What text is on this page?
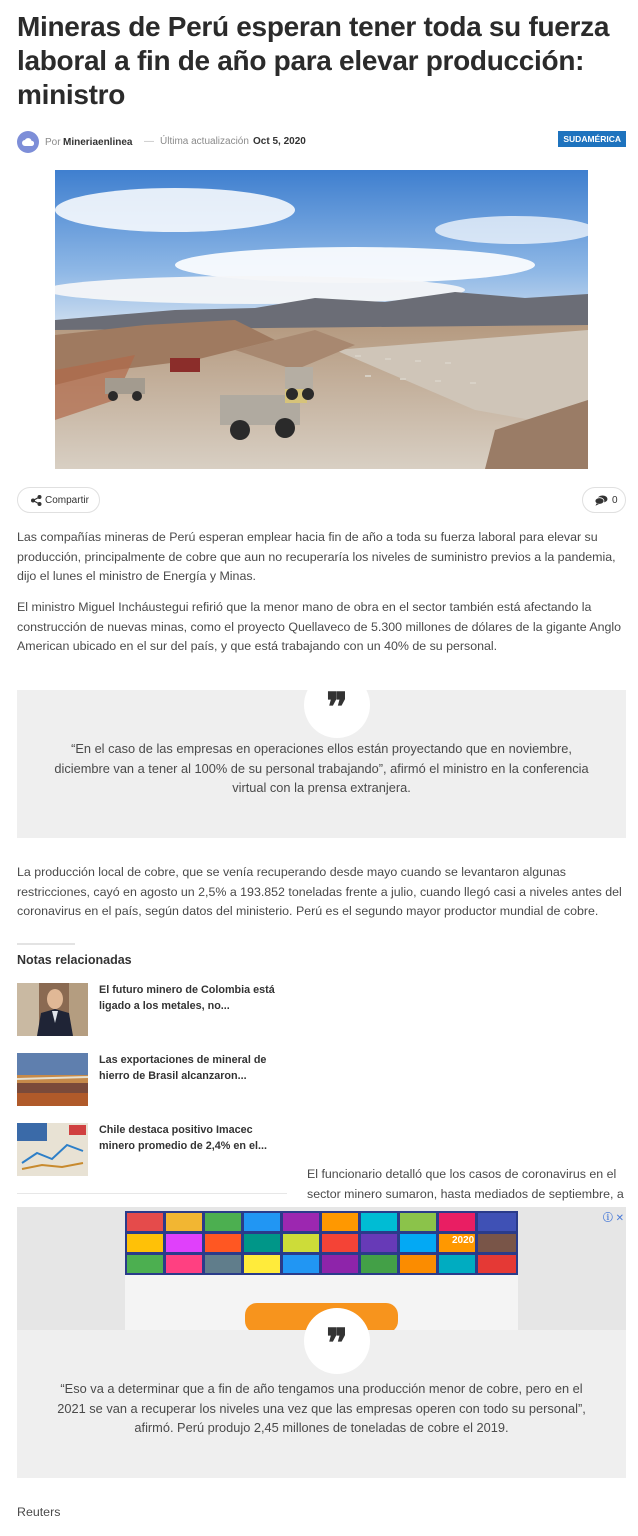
Mineras de Perú esperan tener toda su fuerza laboral a fin de año para elevar producción: ministro
Por Mineriaenlinea — Última actualización Oct 5, 2020	SUDAMÉRICA
Compartir	0

Las compañías mineras de Perú esperan emplear hacia fin de año a toda su fuerza laboral para elevar su producción, principalmente de cobre que aun no recuperaría los niveles de suministro previos a la pandemia, dijo el lunes el ministro de Energía y Minas.

El ministro Miguel Incháustegui refirió que la menor mano de obra en el sector también está afectando la construcción de nuevas minas, como el proyecto Quellaveco de 5.300 millones de dólares de la gigante Anglo American ubicado en el sur del país, y que está trabajando con un 40% de su personal.

❞

“En el caso de las empresas en operaciones ellos están proyectando que en noviembre, diciembre van a tener al 100% de su personal trabajando”, afirmó el ministro en la conferencia virtual con la prensa extranjera.

La producción local de cobre, que se venía recuperando desde mayo cuando se levantaron algunas restricciones, cayó en agosto un 2,5% a 193.852 toneladas frente a julio, cuando llegó casi a niveles antes del coronavirus en el país, según datos del ministerio. Perú es el segundo mayor productor mundial de cobre.

Notas relacionadas
El futuro minero de Colombia está ligado a los metales, no...
Las exportaciones de mineral de hierro de Brasil alcanzaron...
Chile destaca positivo Imacec minero promedio de 2,4% en el...

El funcionario detalló que los casos de coronavirus en el sector minero sumaron, hasta mediados de septiembre, a

2020
ⓘ ✕
❞

“Eso va a determinar que a fin de año tengamos una producción menor de cobre, pero en el 2021 se van a recuperar los niveles una vez que las empresas operen con todo su personal”, afirmó. Perú produjo 2,45 millones de toneladas de cobre el 2019.

Reuters
